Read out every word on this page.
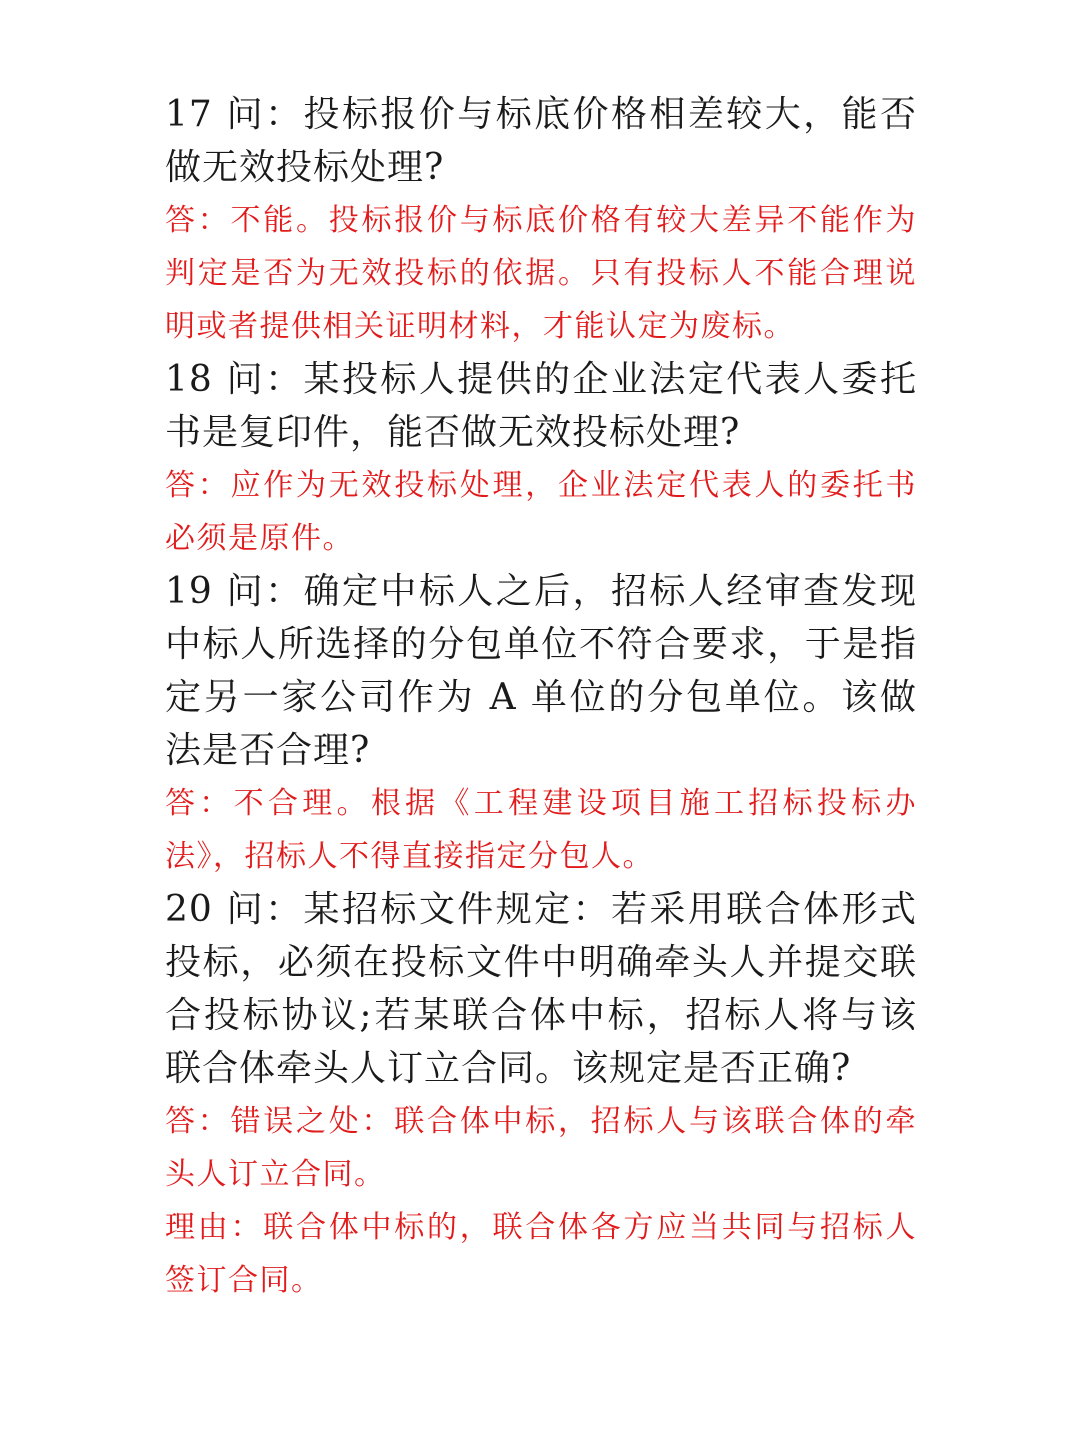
17 问：投标报价与标底价格相差较大，能否做无效投标处理?

答：不能。投标报价与标底价格有较大差异不能作为判定是否为无效投标的依据。只有投标人不能合理说明或者提供相关证明材料，才能认定为废标。

18 问：某投标人提供的企业法定代表人委托书是复印件，能否做无效投标处理?

答：应作为无效投标处理，企业法定代表人的委托书必须是原件。

19 问：确定中标人之后，招标人经审查发现中标人所选择的分包单位不符合要求，于是指定另一家公司作为 A 单位的分包单位。该做法是否合理?

答：不合理。根据《工程建设项目施工招标投标办法》，招标人不得直接指定分包人。

20 问：某招标文件规定：若采用联合体形式投标，必须在投标文件中明确牵头人并提交联合投标协议;若某联合体中标，招标人将与该联合体牵头人订立合同。该规定是否正确?

答：错误之处：联合体中标，招标人与该联合体的牵头人订立合同。

理由：联合体中标的，联合体各方应当共同与招标人签订合同。
